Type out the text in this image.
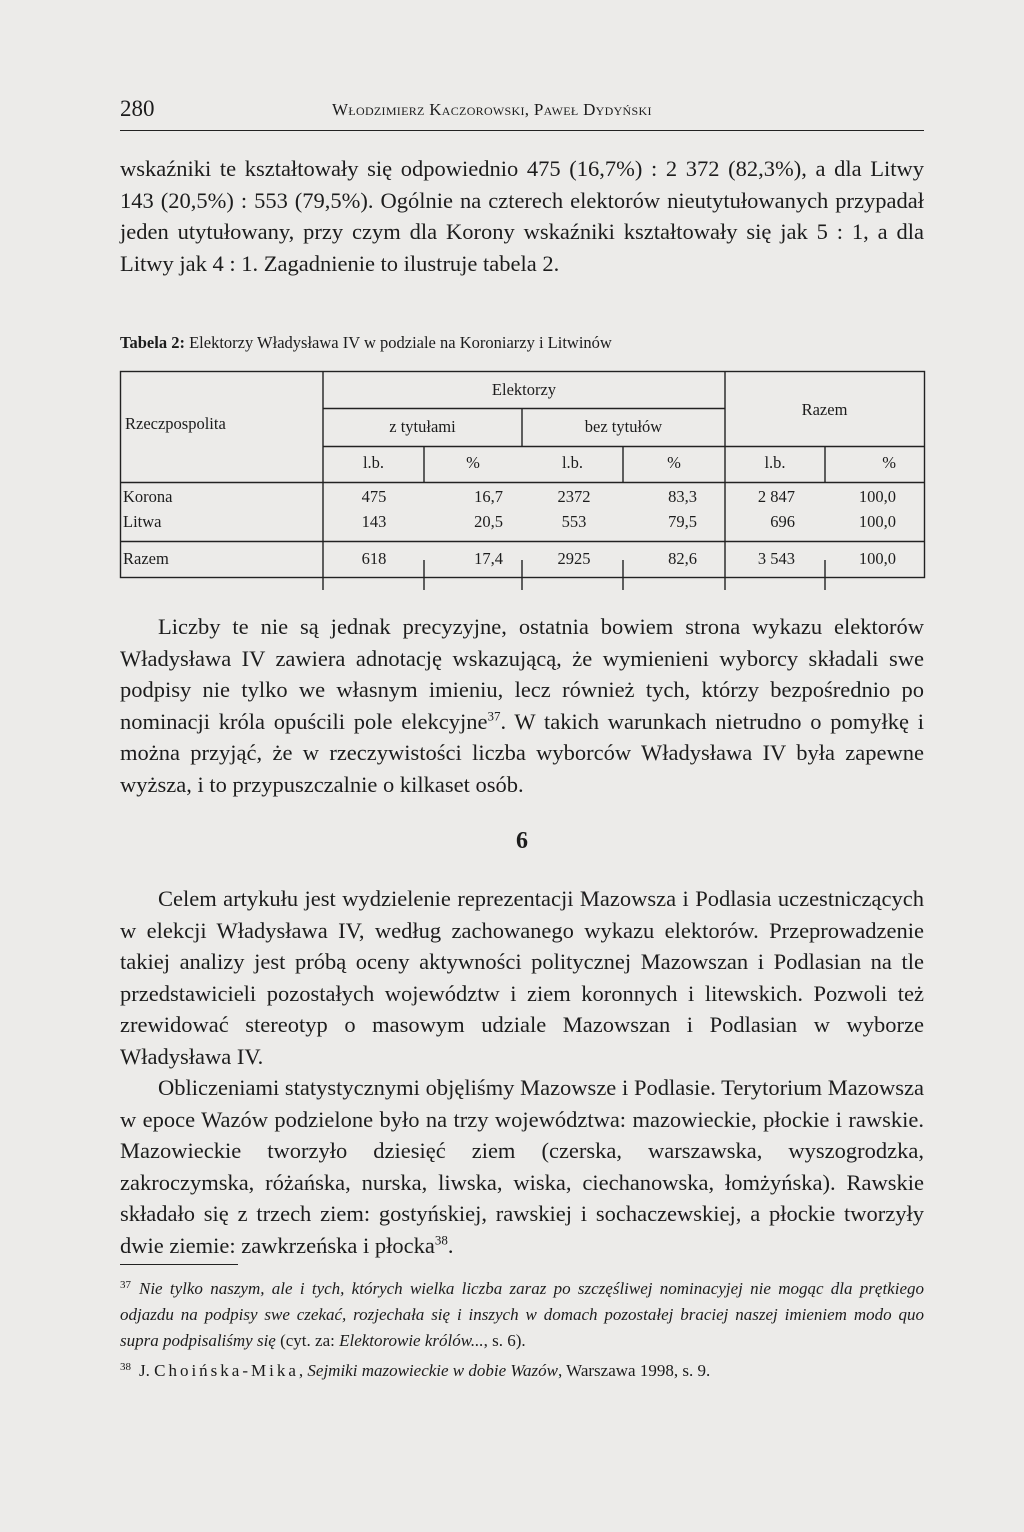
280	Włodzimierz Kaczorowski, Paweł Dydyński

wskaźniki te kształtowały się odpowiednio 475 (16,7%) : 2 372 (82,3%), a dla Litwy 143 (20,5%) : 553 (79,5%). Ogólnie na czterech elektorów nieutytułowanych przypadał jeden utytułowany, przy czym dla Korony wskaźniki kształtowały się jak 5 : 1, a dla Litwy jak 4 : 1. Zagadnienie to ilustruje tabela 2.

Tabela 2: Elektorzy Władysława IV w podziale na Koroniarzy i Litwinów
Rzeczpospolita
Elektorzy
z tytułami	bez tytułów
Razem
l.b.	%	l.b.	%	l.b.	%
Korona	475	16,7	2372	83,3	2 847	100,0
Litwa	143	20,5	553	79,5	696	100,0
Razem	618	17,4	2925	82,6	3 543	100,0

Liczby te nie są jednak precyzyjne, ostatnia bowiem strona wykazu elektorów Władysława IV zawiera adnotację wskazującą, że wymienieni wyborcy składali swe podpisy nie tylko we własnym imieniu, lecz również tych, którzy bezpośrednio po nominacji króla opuścili pole elekcyjne$^{37}$. W takich warunkach nietrudno o pomyłkę i można przyjąć, że w rzeczywistości liczba wyborców Władysława IV była zapewne wyższa, i to przypuszczalnie o kilkaset osób.

6

Celem artykułu jest wydzielenie reprezentacji Mazowsza i Podlasia uczestniczących w elekcji Władysława IV, według zachowanego wykazu elektorów. Przeprowadzenie takiej analizy jest próbą oceny aktywności politycznej Mazowszan i Podlasian na tle przedstawicieli pozostałych województw i ziem koronnych i litewskich. Pozwoli też zrewidować stereotyp o masowym udziale Mazowszan i Podlasian w wyborze Władysława IV.

Obliczeniami statystycznymi objęliśmy Mazowsze i Podlasie. Terytorium Mazowsza w epoce Wazów podzielone było na trzy województwa: mazowieckie, płockie i rawskie. Mazowieckie tworzyło dziesięć ziem (czerska, warszawska, wyszogrodzka, zakroczymska, różańska, nurska, liwska, wiska, ciechanowska, łomżyńska). Rawskie składało się z trzech ziem: gostyńskiej, rawskiej i sochaczewskiej, a płockie tworzyły dwie ziemie: zawkrzeńska i płocka$^{38}$.

$^{37}$ Nie tylko naszym, ale i tych, których wielka liczba zaraz po szczęśliwej nominacyjej nie mogąc dla prętkiego odjazdu na podpisy swe czekać, rozjechała się i inszych w domach pozostałej braciej naszej imieniem modo quo supra podpisaliśmy się (cyt. za: Elektorowie królów..., s. 6).

$^{38}$ J. Choińska-Mika, Sejmiki mazowieckie w dobie Wazów, Warszawa 1998, s. 9.
